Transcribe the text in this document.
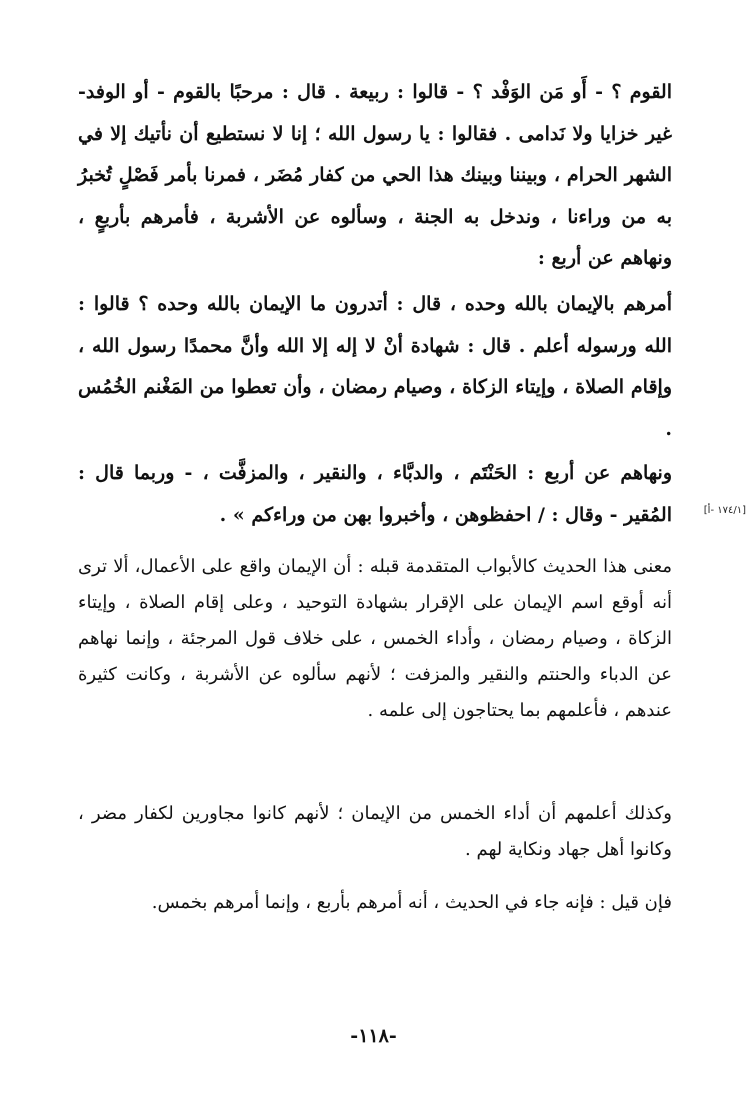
القوم ؟ - أَو مَن الوَفْد ؟ - قالوا : ربيعة . قال : مرحبًا بالقوم - أو الوفد- غير خزايا ولا نَدامى . فقالوا : يا رسول الله ؛ إنا لا نستطيع أن نأتيك إلا في الشهر الحرام ، وبيننا وبينك هذا الحي من كفار مُضَر ، فمرنا بأمر فَصْلٍ تُخبرُ به من وراءنا ، وندخل به الجنة ، وسألوه عن الأشربة ، فأمرهم بأربعٍ ، ونهاهم عن أربع :

أمرهم بالإيمان بالله وحده ، قال : أتدرون ما الإيمان بالله وحده ؟ قالوا : الله ورسوله أعلم . قال : شهادة أنْ لا إله إلا الله وأنَّ محمدًا رسول الله ، وإقام الصلاة ، وإيتاء الزكاة ، وصيام رمضان ، وأن تعطوا من المَغْنم الخُمُس .

ونهاهم عن أربع : الحَنْتَم ، والدبَّاء ، والنقير ، والمزفَّت ، - وربما قال : المُقير - وقال : / احفظوهن ، وأخبروا بهن من وراءكم » .	[١٧٤/١ -أ]

معنى هذا الحديث كالأبواب المتقدمة قبله : أن الإيمان واقع على الأعمال، ألا ترى أنه أوقع اسم الإيمان على الإقرار بشهادة التوحيد ، وعلى إقام الصلاة ، وإيتاء الزكاة ، وصيام رمضان ، وأداء الخمس ، على خلاف قول المرجئة ، وإنما نهاهم عن الدباء والحنتم والنقير والمزفت ؛ لأنهم سألوه عن الأشربة ، وكانت كثيرة عندهم ، فأعلمهم بما يحتاجون إلى علمه .

وكذلك أعلمهم أن أداء الخمس من الإيمان ؛ لأنهم كانوا مجاورين لكفار مضر ، وكانوا أهل جهاد ونكاية لهم .

فإن قيل : فإنه جاء في الحديث ، أنه أمرهم بأربع ، وإنما أمرهم بخمس.

-١١٨-
